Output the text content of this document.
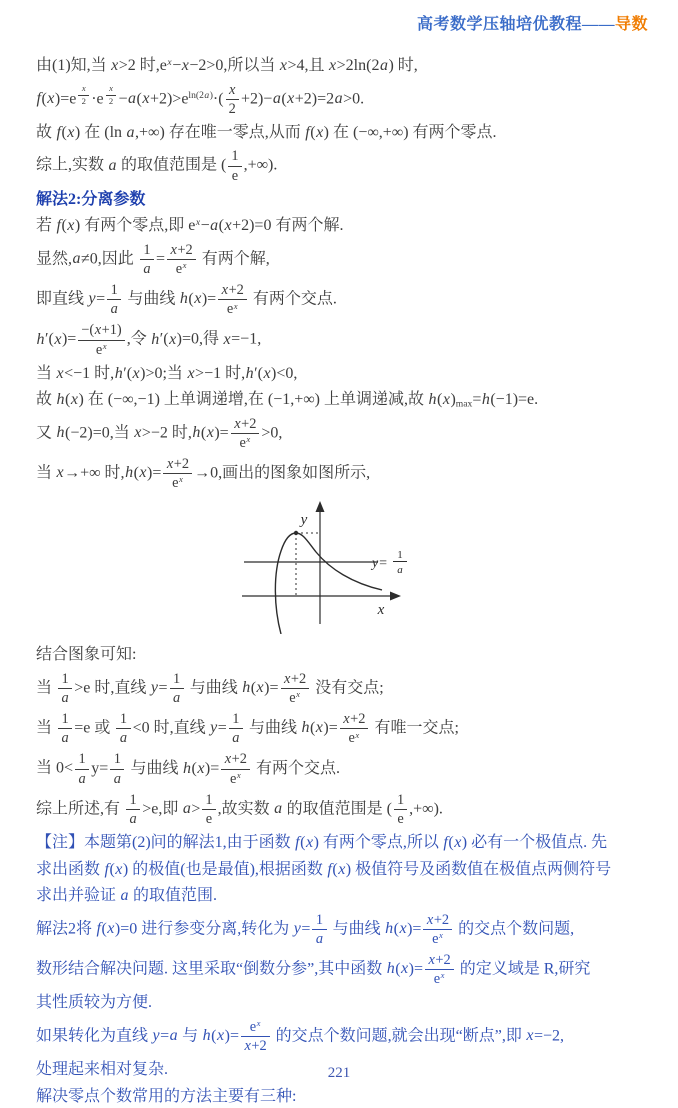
高考数学压轴培优教程——导数
由(1)知,当 x>2 时$,e^x-x-2>0$,所以当 x>4,且 x>2ln(2a) 时,
f(x)=e $^{\frac{x}{2}}$ ·e $^{\frac{x}{2}} -a(x+2)>e^{ln(2a)}\cdot( \frac{x}{2} +2)-a(x+2)=2a>0$.
故 f(x) 在 (ln a,+∞) 存在唯一零点,从而 f(x) 在 (−∞,+∞) 有两个零点.
综上,实数 a 的取值范围是 ( $\frac{1}{e}$ ,+∞).
解法2:分离参数
若 f(x) 有两个零点,即 $e^x-a(x+2)=0$ 有两个解.
显然,a≠0,因此 $\frac{1}{a} = \frac{x+2}{e^x}$ 有两个解,
即直线 $y= \frac{1}{a}$ 与曲线 $h(x)= \frac{x+2}{e^x}$ 有两个交点.
$h'(x)= \frac{-(x+1)}{e^x}$ ,令 h′(x)=0,得 x=−1,
当 x<−1 时,h′(x)>0;当 x>−1 时,h′(x)<0,
故 h(x) 在 (−∞,−1) 上单调递增,在 (−1,+∞) 上单调递减,故 $h(x)_{max}=h(-1)=e$.
又 h(−2)=0,当 x>−2 时$,h(x)= \frac{x+2}{e^x} >0$,
当 x→+∞ 时$,h(x)= \frac{x+2}{e^x} \to 0$,画出的图象如图所示,
y
x
y=
1
a
结合图象可知:
当 $\frac{1}{a} >e$ 时,直线 $y= \frac{1}{a}$ 与曲线 $h(x)= \frac{x+2}{e^x}$ 没有交点;
当 $\frac{1}{a} =e$ 或 $\frac{1}{a} <0$ 时,直线 $y= \frac{1}{a}$ 与曲线 $h(x)= \frac{x+2}{e^x}$ 有唯一交点;
当 $0< \frac{1}{a} y= \frac{1}{a}$ 与曲线 $h(x)= \frac{x+2}{e^x}$ 有两个交点.
综上所述,有 $\frac{1}{a} >e$,即 $a> \frac{1}{e}$ ,故实数 a 的取值范围是 ( $\frac{1}{e}$ ,+∞).
【注】本题第(2)问的解法1,由于函数 f(x) 有两个零点,所以 f(x) 必有一个极值点. 先
求出函数 f(x) 的极值(也是最值),根据函数 f(x) 极值符号及函数值在极值点两侧符号
求出并验证 a 的取值范围.
解法2将 f(x)=0 进行参变分离,转化为 $y= \frac{1}{a}$ 与曲线 $h(x)= \frac{x+2}{e^x}$ 的交点个数问题,
数形结合解决问题. 这里采取“倒数分参”,其中函数 $h(x)= \frac{x+2}{e^x}$ 的定义域是 R,研究
其性质较为方便.
如果转化为直线 y=a 与 $h(x)= \frac{e^x}{x+2}$ 的交点个数问题,就会出现“断点”,即 x=−2,
处理起来相对复杂.
解决零点个数常用的方法主要有三种:
221
